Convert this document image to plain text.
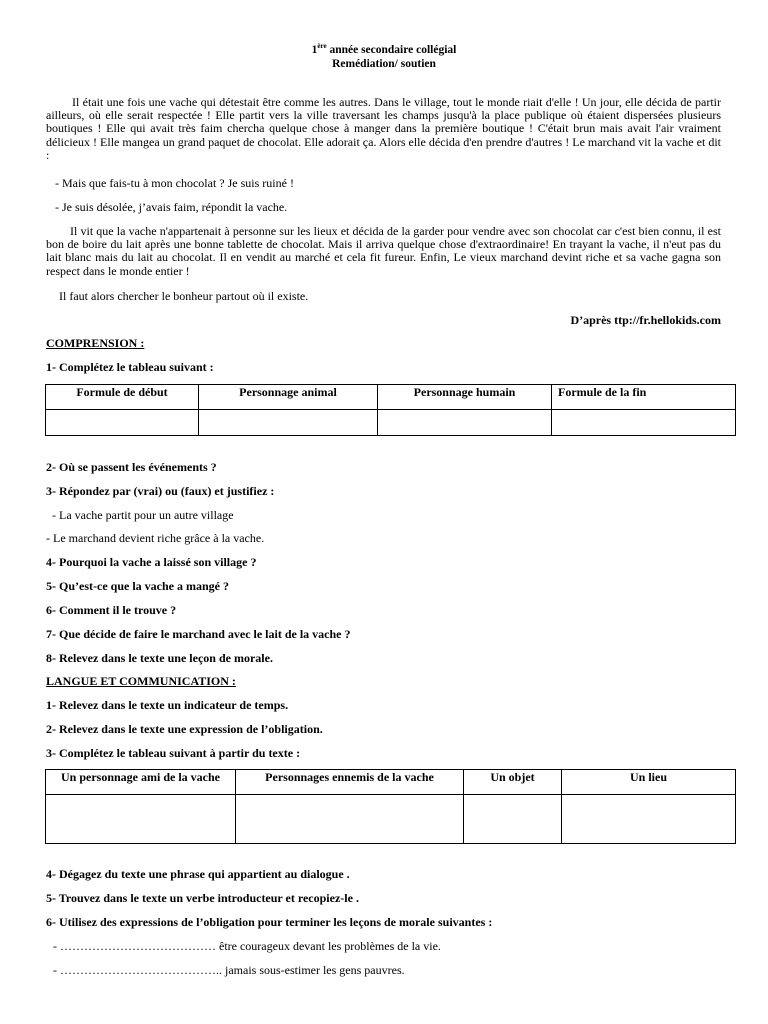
1ère année secondaire collégial
Remédiation/ soutien
Il était une fois une vache qui détestait être comme les autres. Dans le village, tout le monde riait d'elle ! Un jour, elle décida de partir ailleurs, où elle serait respectée ! Elle partit vers la ville traversant les champs jusqu'à la place publique où étaient dispersées plusieurs boutiques ! Elle qui avait très faim chercha quelque chose à manger dans la première boutique ! C'était brun mais avait l'air vraiment délicieux ! Elle mangea un grand paquet de chocolat. Elle adorait ça. Alors elle décida d'en prendre d'autres ! Le marchand vit la vache et dit :
- Mais que fais-tu à mon chocolat ? Je suis ruiné !
- Je suis désolée, j’avais faim, répondit la vache.
Il vit que la vache n'appartenait à personne sur les lieux et décida de la garder pour vendre avec son chocolat car c'est bien connu, il est bon de boire du lait après une bonne tablette de chocolat. Mais il arriva quelque chose d'extraordinaire! En trayant la vache, il n'eut pas du lait blanc mais du lait au chocolat. Il en vendit au marché et cela fit fureur. Enfin, Le vieux marchand devint riche et sa vache gagna son respect dans le monde entier !
Il faut alors chercher le bonheur partout où il existe.
D’après ttp://fr.hellokids.com
COMPRENSION :
1- Complétez le tableau suivant :
Formule de début	Personnage animal	Personnage humain	Formule de la fin

2- Où se passent les événements ?
3- Répondez par (vrai) ou (faux) et justifiez :
- La vache partit pour un autre village
- Le marchand devient riche grâce à la vache.
4- Pourquoi la vache a laissé son village ?
5- Qu’est-ce que la vache a mangé ?
6- Comment il le trouve ?
7- Que décide de faire le marchand avec le lait de la vache ?
8- Relevez dans le texte une leçon de morale.
LANGUE ET COMMUNICATION :
1- Relevez dans le texte un indicateur de temps.
2- Relevez dans le texte une expression de l’obligation.
3- Complétez le tableau suivant à partir du texte :
Un personnage ami de la vache	Personnages ennemis de la vache	Un objet	Un lieu

4- Dégagez du texte une phrase qui appartient au dialogue .
5- Trouvez dans le texte un verbe introducteur et recopiez-le .
6- Utilisez des expressions de l’obligation pour terminer les leçons de morale suivantes :
- ………………………………… être courageux devant les problèmes de la vie.
- ………………………………….. jamais sous-estimer les gens pauvres.
